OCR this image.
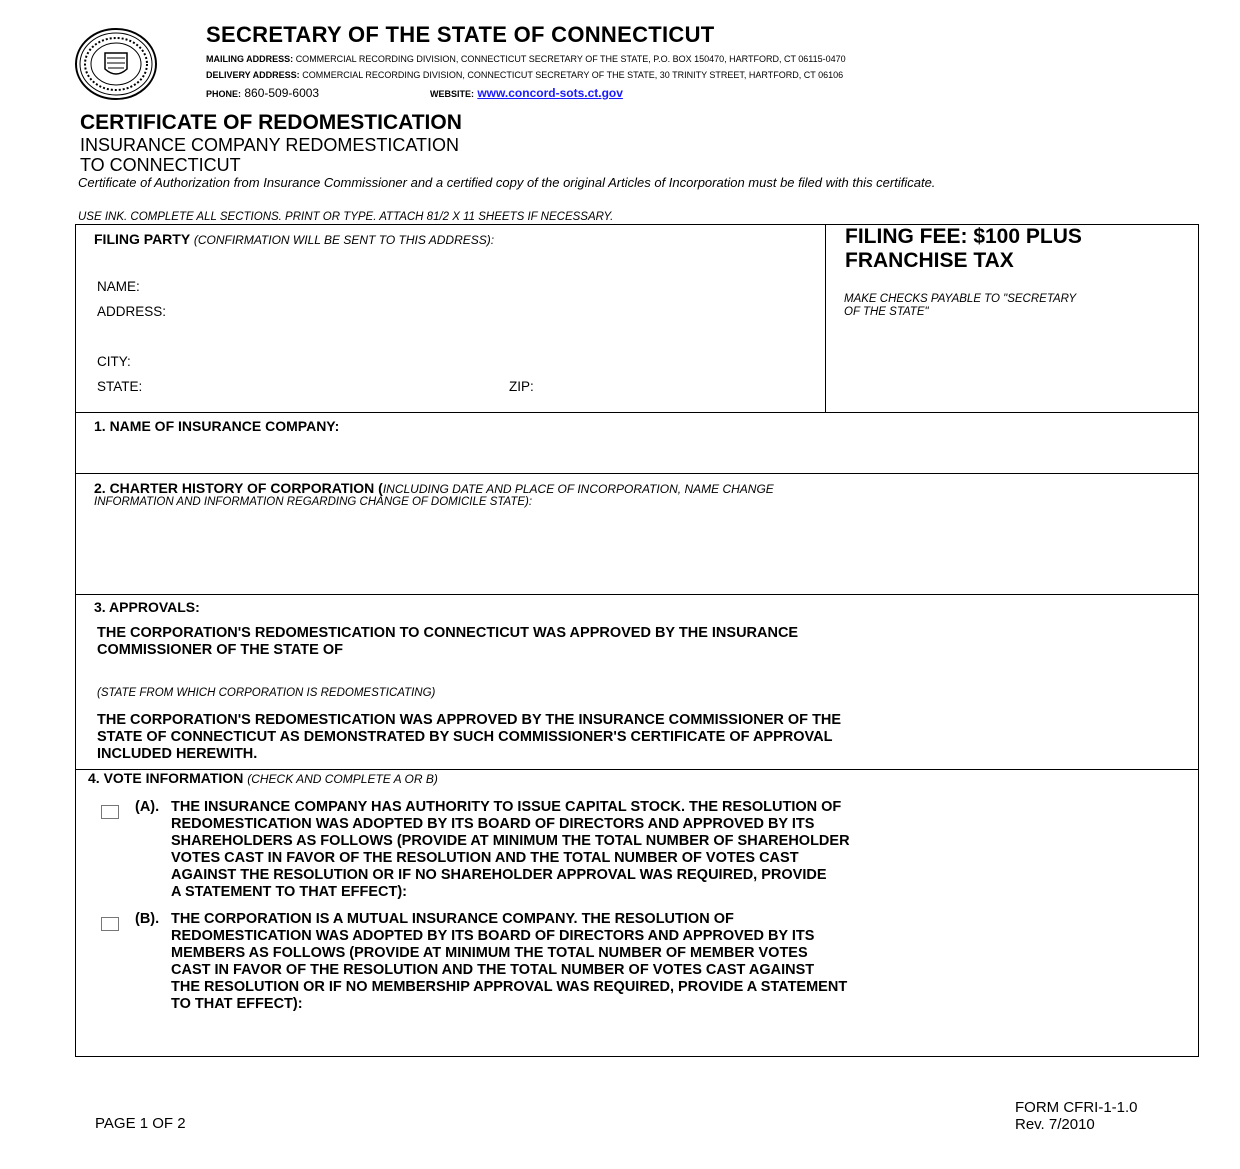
SECRETARY OF THE STATE OF CONNECTICUT
MAILING ADDRESS: COMMERCIAL RECORDING DIVISION, CONNECTICUT SECRETARY OF THE STATE, P.O. BOX 150470, HARTFORD, CT 06115-0470
DELIVERY ADDRESS: COMMERCIAL RECORDING DIVISION, CONNECTICUT SECRETARY OF THE STATE, 30 TRINITY STREET, HARTFORD, CT 06106
PHONE: 860-509-6003	WEBSITE: www.concord-sots.ct.gov
CERTIFICATE OF REDOMESTICATION
INSURANCE COMPANY REDOMESTICATION
TO CONNECTICUT
Certificate of Authorization from Insurance Commissioner and a certified copy of the original Articles of Incorporation must be filed with this certificate.
USE INK. COMPLETE ALL SECTIONS. PRINT OR TYPE. ATTACH 81/2 X 11 SHEETS IF NECESSARY.
FILING PARTY (CONFIRMATION WILL BE SENT TO THIS ADDRESS):
NAME:
ADDRESS:
CITY:
STATE:	ZIP:
FILING FEE: $100 PLUS
FRANCHISE TAX
MAKE CHECKS PAYABLE TO "SECRETARY
OF THE STATE"
1. NAME OF INSURANCE COMPANY:
2. CHARTER HISTORY OF CORPORATION (INCLUDING DATE AND PLACE OF INCORPORATION, NAME CHANGE
INFORMATION AND INFORMATION REGARDING CHANGE OF DOMICILE STATE):
3. APPROVALS:
THE CORPORATION'S REDOMESTICATION TO CONNECTICUT WAS APPROVED BY THE INSURANCE
COMMISSIONER OF THE STATE OF
(STATE FROM WHICH CORPORATION IS REDOMESTICATING)
THE CORPORATION'S REDOMESTICATION WAS APPROVED BY THE INSURANCE COMMISSIONER OF THE
STATE OF CONNECTICUT AS DEMONSTRATED BY SUCH COMMISSIONER'S CERTIFICATE OF APPROVAL
INCLUDED HEREWITH.
4. VOTE INFORMATION (CHECK AND COMPLETE A OR B)
(A). THE INSURANCE COMPANY HAS AUTHORITY TO ISSUE CAPITAL STOCK. THE RESOLUTION OF
REDOMESTICATION WAS ADOPTED BY ITS BOARD OF DIRECTORS AND APPROVED BY ITS
SHAREHOLDERS AS FOLLOWS (PROVIDE AT MINIMUM THE TOTAL NUMBER OF SHAREHOLDER
VOTES CAST IN FAVOR OF THE RESOLUTION AND THE TOTAL NUMBER OF VOTES CAST
AGAINST THE RESOLUTION OR IF NO SHAREHOLDER APPROVAL WAS REQUIRED, PROVIDE
A STATEMENT TO THAT EFFECT):
(B). THE CORPORATION IS A MUTUAL INSURANCE COMPANY. THE RESOLUTION OF
REDOMESTICATION WAS ADOPTED BY ITS BOARD OF DIRECTORS AND APPROVED BY ITS
MEMBERS AS FOLLOWS (PROVIDE AT MINIMUM THE TOTAL NUMBER OF MEMBER VOTES
CAST IN FAVOR OF THE RESOLUTION AND THE TOTAL NUMBER OF VOTES CAST AGAINST
THE RESOLUTION OR IF NO MEMBERSHIP APPROVAL WAS REQUIRED, PROVIDE A STATEMENT
TO THAT EFFECT):
PAGE 1 OF 2
FORM CFRI-1-1.0
Rev. 7/2010
